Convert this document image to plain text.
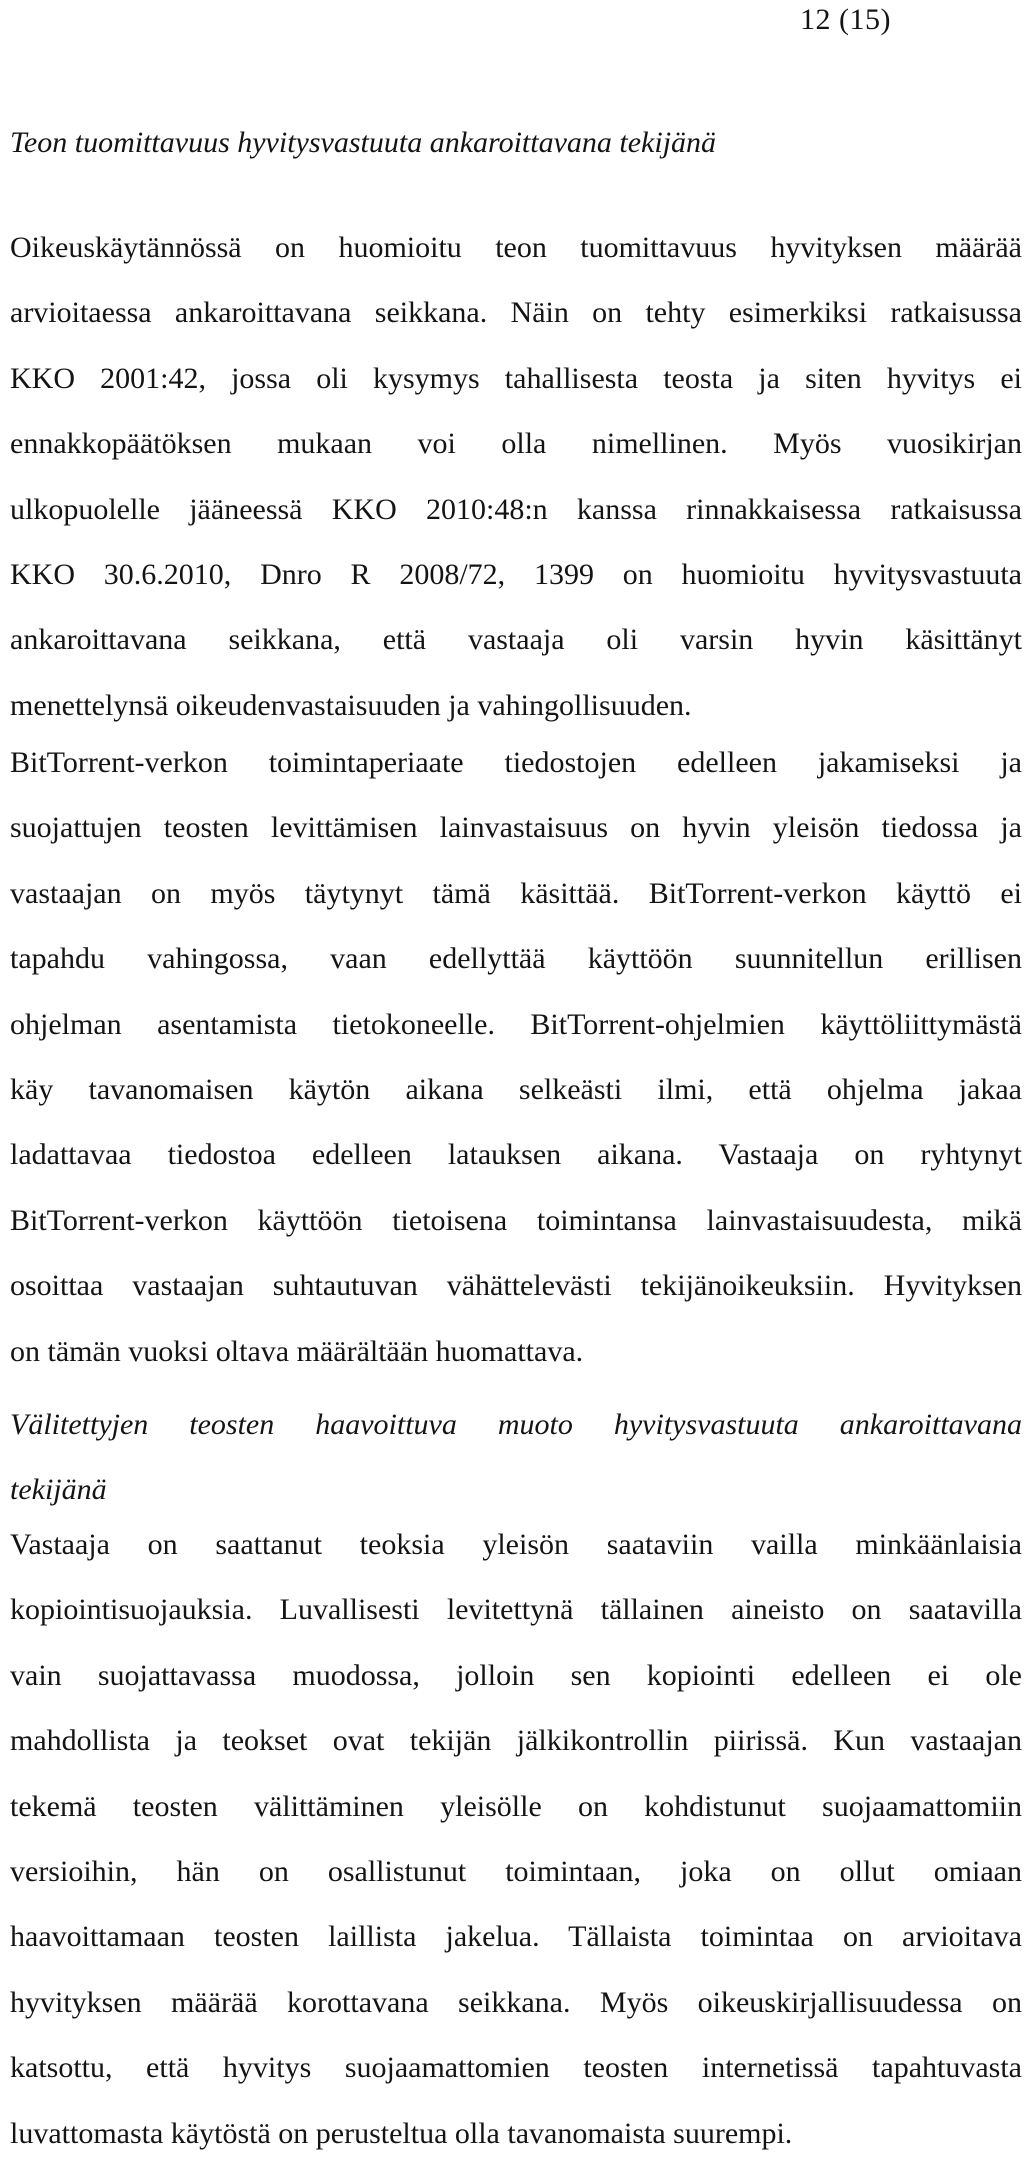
12 (15)
Teon tuomittavuus hyvitysvastuuta ankaroittavana tekijänä
Oikeuskäytännössä on huomioitu teon tuomittavuus hyvityksen määrää
arvioitaessa ankaroittavana seikkana. Näin on tehty esimerkiksi ratkaisussa
KKO 2001:42, jossa oli kysymys tahallisesta teosta ja siten hyvitys ei
ennakkopäätöksen mukaan voi olla nimellinen. Myös vuosikirjan
ulkopuolelle jääneessä KKO 2010:48:n kanssa rinnakkaisessa ratkaisussa
KKO 30.6.2010, Dnro R 2008/72, 1399 on huomioitu hyvitysvastuuta
ankaroittavana seikkana, että vastaaja oli varsin hyvin käsittänyt
menettelynsä oikeudenvastaisuuden ja vahingollisuuden.
BitTorrent-verkon toimintaperiaate tiedostojen edelleen jakamiseksi ja
suojattujen teosten levittämisen lainvastaisuus on hyvin yleisön tiedossa ja
vastaajan on myös täytynyt tämä käsittää. BitTorrent-verkon käyttö ei
tapahdu vahingossa, vaan edellyttää käyttöön suunnitellun erillisen
ohjelman asentamista tietokoneelle. BitTorrent-ohjelmien käyttöliittymästä
käy tavanomaisen käytön aikana selkeästi ilmi, että ohjelma jakaa
ladattavaa tiedostoa edelleen latauksen aikana. Vastaaja on ryhtynyt
BitTorrent-verkon käyttöön tietoisena toimintansa lainvastaisuudesta, mikä
osoittaa vastaajan suhtautuvan vähättelevästi tekijänoikeuksiin. Hyvityksen
on tämän vuoksi oltava määrältään huomattava.
Välitettyjen teosten haavoittuva muoto hyvitysvastuuta ankaroittavana
tekijänä
Vastaaja on saattanut teoksia yleisön saataviin vailla minkäänlaisia
kopiointisuojauksia. Luvallisesti levitettynä tällainen aineisto on saatavilla
vain suojattavassa muodossa, jolloin sen kopiointi edelleen ei ole
mahdollista ja teokset ovat tekijän jälkikontrollin piirissä. Kun vastaajan
tekemä teosten välittäminen yleisölle on kohdistunut suojaamattomiin
versioihin, hän on osallistunut toimintaan, joka on ollut omiaan
haavoittamaan teosten laillista jakelua. Tällaista toimintaa on arvioitava
hyvityksen määrää korottavana seikkana. Myös oikeuskirjallisuudessa on
katsottu, että hyvitys suojaamattomien teosten internetissä tapahtuvasta
luvattomasta käytöstä on perusteltua olla tavanomaista suurempi.
